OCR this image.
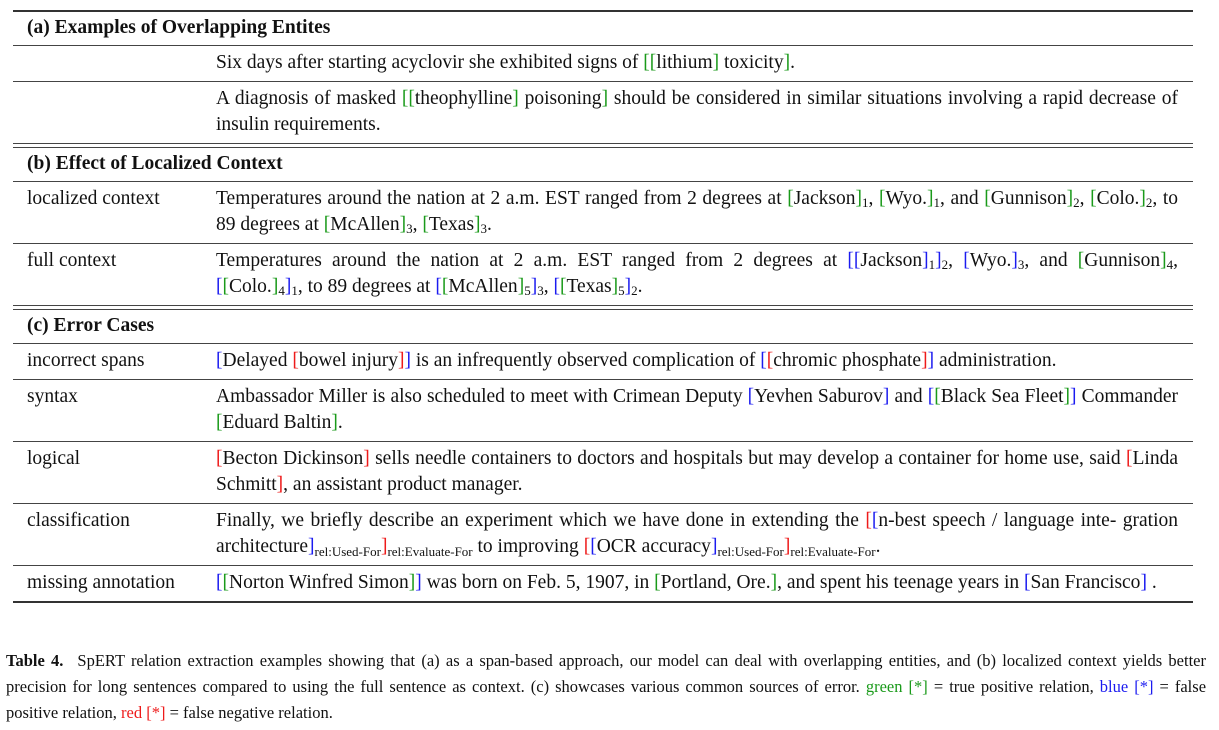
(a) Examples of Overlapping Entites
Six days after starting acyclovir she exhibited signs of [[lithium] toxicity].
A diagnosis of masked [[theophylline] poisoning] should be considered in similar situations involving a rapid decrease of insulin requirements.
(b) Effect of Localized Context
localized context	Temperatures around the nation at 2 a.m. EST ranged from 2 degrees at $[Jackson]_1$, $[Wyo.]_1$, and $[Gunnison]_2$, $[Colo.]_2$, to 89 degrees at $[McAllen]_3$, $[Texas]_3$.
full context	Temperatures around the nation at 2 a.m. EST ranged from 2 degrees at $[[Jackson]_1]_2$, $[Wyo.]_3$, and $[Gunnison]_4$, $[[Colo.]_4]_1$, to 89 degrees at $[[McAllen]_5]_3$, $[[Texas]_5]_2$.
(c) Error Cases
incorrect spans	[Delayed [bowel injury]] is an infrequently observed complication of [[chromic phosphate]] administration.
syntax	Ambassador Miller is also scheduled to meet with Crimean Deputy [Yevhen Saburov] and [[Black Sea Fleet]] Commander [Eduard Baltin].
logical	[Becton Dickinson] sells needle containers to doctors and hospitals but may develop a container for home use, said [Linda Schmitt], an assistant product manager.
classification	Finally, we briefly describe an experiment which we have done in extending the [[n-best speech / language inte- gration $architecture]_{rel:Used-For}]_{rel:Evaluate-For}$ to improving [[OCR $accuracy]_{rel:Used-For}]_{rel:Evaluate-For}$.
missing annotation	[[Norton Winfred Simon]] was born on Feb. 5, 1907, in [Portland, Ore.], and spent his teenage years in [San Francisco] .
Table 4. SpERT relation extraction examples showing that (a) as a span-based approach, our model can deal with overlapping entities, and (b) localized context yields better precision for long sentences compared to using the full sentence as context. (c) showcases various common sources of error. green [*] = true positive relation, blue [*] = false positive relation, red [*] = false negative relation.
